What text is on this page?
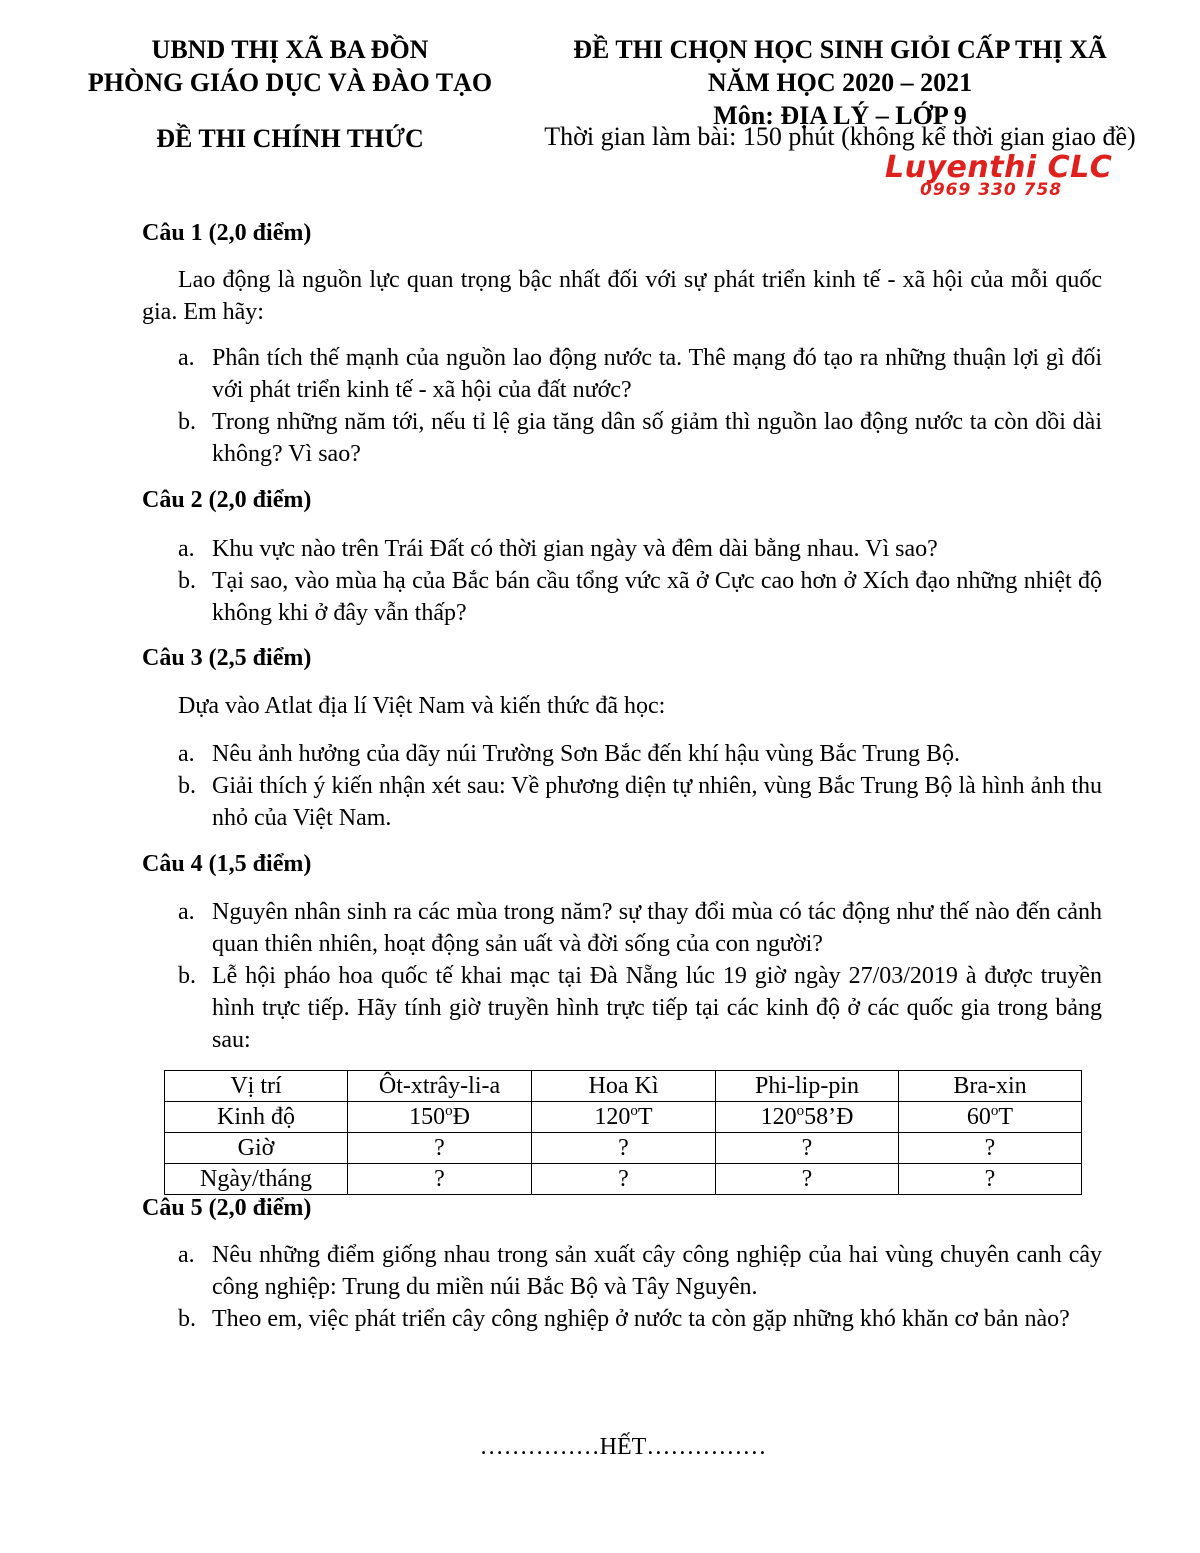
UBND THỊ XÃ BA ĐỒN
PHÒNG GIÁO DỤC VÀ ĐÀO TẠO
ĐỀ THI CHỌN HỌC SINH GIỎI CẤP THỊ XÃ
NĂM HỌC 2020 – 2021
Môn: ĐỊA LÝ – LỚP 9
ĐỀ THI CHÍNH THỨC	Thời gian làm bài: 150 phút (không kể thời gian giao đề)
Luyenthi CLC
0969 330 758
Câu 1 (2,0 điểm)
Lao động là nguồn lực quan trọng bậc nhất đối với sự phát triển kinh tế - xã hội của mỗi quốc gia. Em hãy:
a. Phân tích thế mạnh của nguồn lao động nước ta. Thê mạng đó tạo ra những thuận lợi gì đối với phát triển kinh tế - xã hội của đất nước?
b. Trong những năm tới, nếu tỉ lệ gia tăng dân số giảm thì nguồn lao động nước ta còn dồi dài không? Vì sao?
Câu 2 (2,0 điểm)
a. Khu vực nào trên Trái Đất có thời gian ngày và đêm dài bằng nhau. Vì sao?
b. Tại sao, vào mùa hạ của Bắc bán cầu tổng vức xã ở Cực cao hơn ở Xích đạo những nhiệt độ không khi ở đây vẫn thấp?
Câu 3 (2,5 điểm)
Dựa vào Atlat địa lí Việt Nam và kiến thức đã học:
a. Nêu ảnh hưởng của dãy núi Trường Sơn Bắc đến khí hậu vùng Bắc Trung Bộ.
b. Giải thích ý kiến nhận xét sau: Về phương diện tự nhiên, vùng Bắc Trung Bộ là hình ảnh thu nhỏ của Việt Nam.
Câu 4 (1,5 điểm)
a. Nguyên nhân sinh ra các mùa trong năm? sự thay đổi mùa có tác động như thế nào đến cảnh quan thiên nhiên, hoạt động sản uất và đời sống của con người?
b. Lễ hội pháo hoa quốc tế khai mạc tại Đà Nẵng lúc 19 giờ ngày 27/03/2019 à được truyền hình trực tiếp. Hãy tính giờ truyền hình trực tiếp tại các kinh độ ở các quốc gia trong bảng sau:
Vị trí	Ôt-xtrây-li-a	Hoa Kì	Phi-lip-pin	Bra-xin
Kinh độ	150$^o$Đ	120$^o$T	120$^o$58’Đ	60$^o$T
Giờ	?	?	?	?
Ngày/tháng	?	?	?	?
Câu 5 (2,0 điểm)
a. Nêu những điểm giống nhau trong sản xuất cây công nghiệp của hai vùng chuyên canh cây công nghiệp: Trung du miền núi Bắc Bộ và Tây Nguyên.
b. Theo em, việc phát triển cây công nghiệp ở nước ta còn gặp những khó khăn cơ bản nào?
……………HẾT……………
